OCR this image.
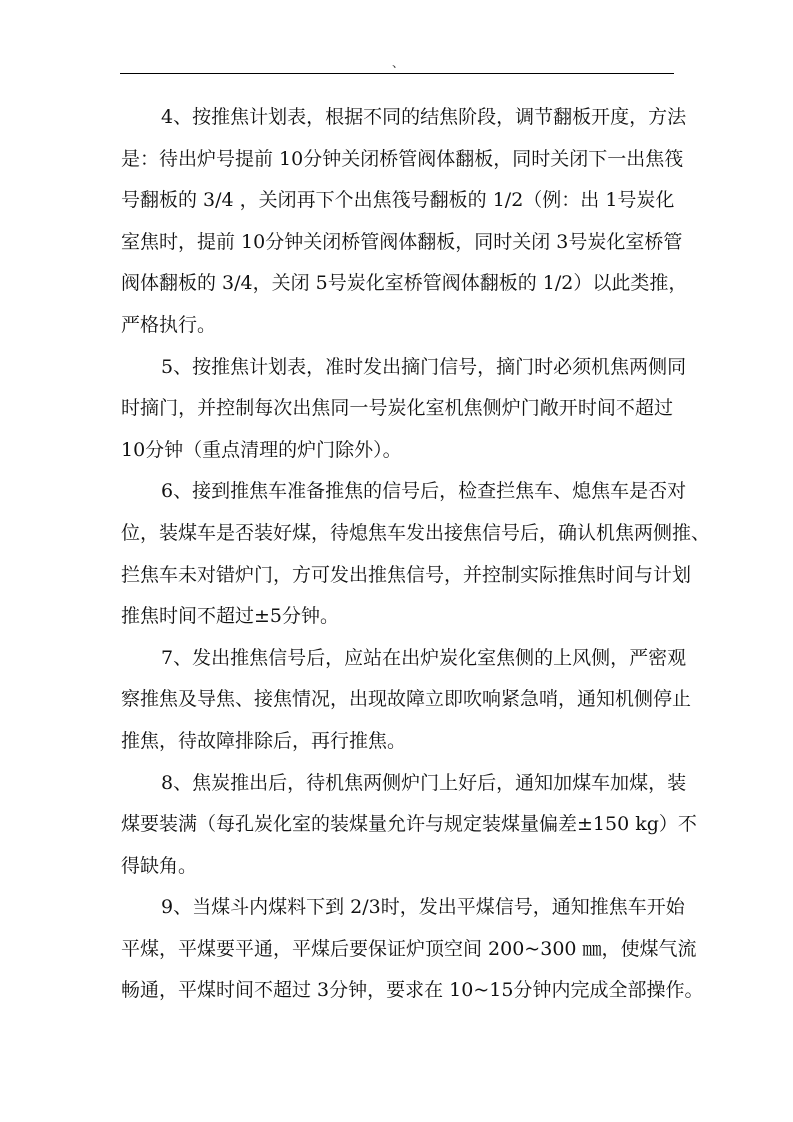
、
4、按推焦计划表，根据不同的结焦阶段，调节翻板开度，方法
是：待出炉号提前 10分钟关闭桥管阀体翻板，同时关闭下一出焦筏
号翻板的 3/4 ，关闭再下个出焦筏号翻板的 1/2（例：出 1号炭化
室焦时，提前 10分钟关闭桥管阀体翻板，同时关闭 3号炭化室桥管
阀体翻板的 3/4，关闭 5号炭化室桥管阀体翻板的 1/2）以此类推，
严格执行。
5、按推焦计划表，准时发出摘门信号，摘门时必须机焦两侧同
时摘门，并控制每次出焦同一号炭化室机焦侧炉门敞开时间不超过
10分钟（重点清理的炉门除外）。
6、接到推焦车准备推焦的信号后，检查拦焦车、熄焦车是否对
位，装煤车是否装好煤，待熄焦车发出接焦信号后，确认机焦两侧推、
拦焦车未对错炉门，方可发出推焦信号，并控制实际推焦时间与计划
推焦时间不超过±5分钟。
7、发出推焦信号后，应站在出炉炭化室焦侧的上风侧，严密观
察推焦及导焦、接焦情况，出现故障立即吹响紧急哨，通知机侧停止
推焦，待故障排除后，再行推焦。
8、焦炭推出后，待机焦两侧炉门上好后，通知加煤车加煤，装
煤要装满（每孔炭化室的装煤量允许与规定装煤量偏差±150 kg）不
得缺角。
9、当煤斗内煤料下到 2/3时，发出平煤信号，通知推焦车开始
平煤，平煤要平通，平煤后要保证炉顶空间 200~300 ㎜，使煤气流
畅通，平煤时间不超过 3分钟，要求在 10~15分钟内完成全部操作。
